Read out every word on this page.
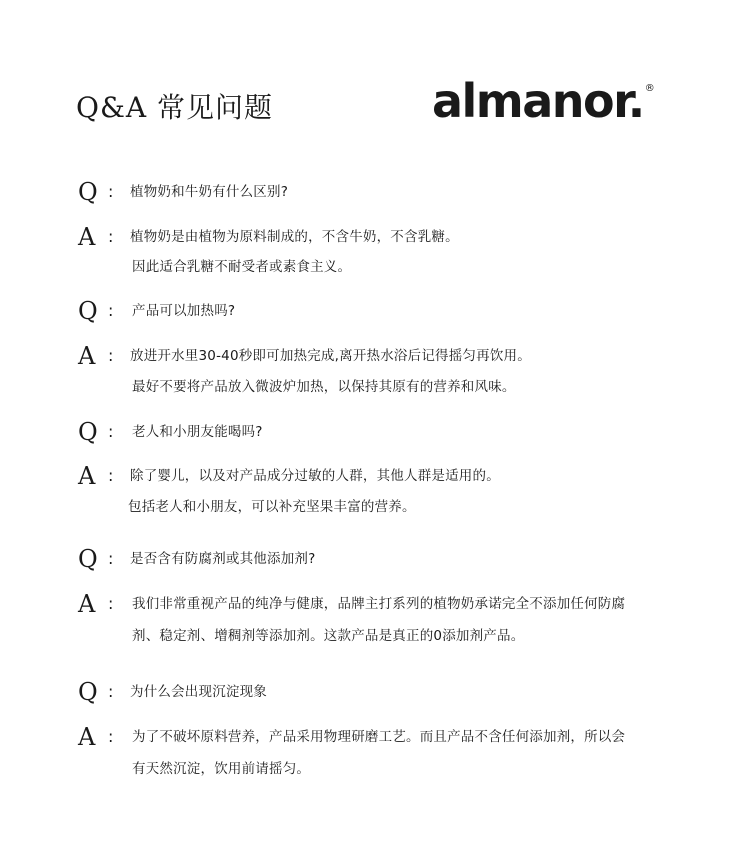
Q&A 常见问题	almanor.®
Q : 植物奶和牛奶有什么区别?
A : 植物奶是由植物为原料制成的，不含牛奶，不含乳糖。
因此适合乳糖不耐受者或素食主义。
Q : 产品可以加热吗?
A : 放进开水里30-40秒即可加热完成,离开热水浴后记得摇匀再饮用。
最好不要将产品放入微波炉加热，以保持其原有的营养和风味。
Q : 老人和小朋友能喝吗?
A : 除了婴儿，以及对产品成分过敏的人群，其他人群是适用的。
包括老人和小朋友，可以补充坚果丰富的营养。
Q : 是否含有防腐剂或其他添加剂?
A : 我们非常重视产品的纯净与健康，品牌主打系列的植物奶承诺完全不添加任何防腐
剂、稳定剂、增稠剂等添加剂。这款产品是真正的0添加剂产品。
Q : 为什么会出现沉淀现象
A : 为了不破坏原料营养，产品采用物理研磨工艺。而且产品不含任何添加剂，所以会
有天然沉淀，饮用前请摇匀。
